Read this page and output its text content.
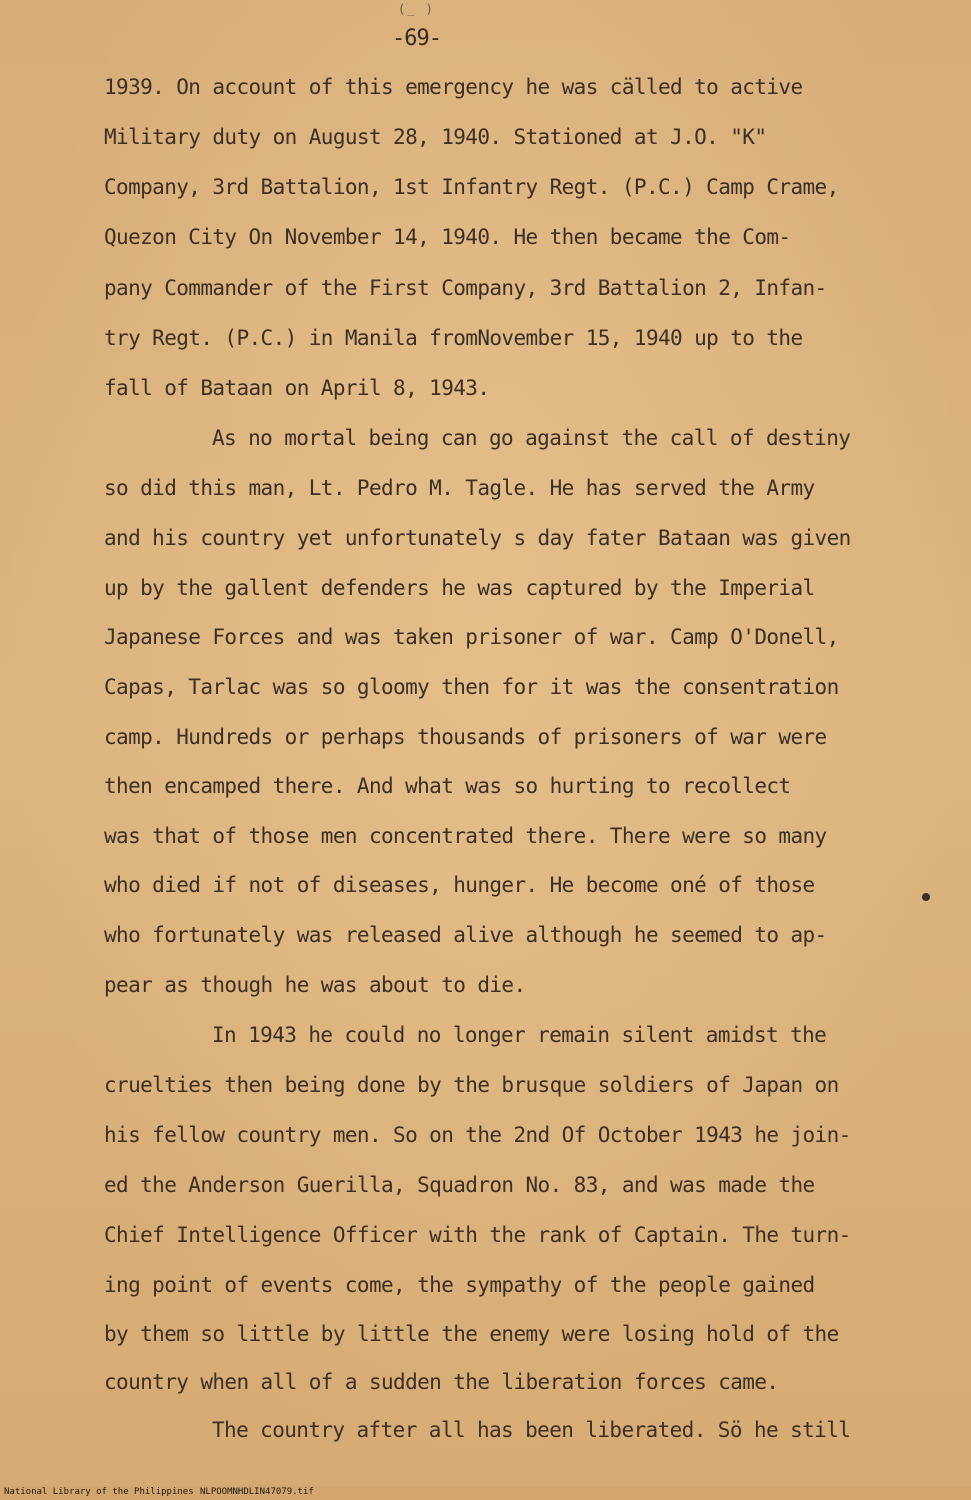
(_ )
-69-
1939. On account of this emergency he was cälled to active
Military duty on August 28, 1940. Stationed at J.O. "K"
Company, 3rd Battalion, 1st Infantry Regt. (P.C.) Camp Crame,
Quezon City On November 14, 1940. He then became the Com-
pany Commander of the First Company, 3rd Battalion 2, Infan-
try Regt. (P.C.) in Manila fromNovember 15, 1940 up to the
fall of Bataan on April 8, 1943.
As no mortal being can go against the call of destiny
so did this man, Lt. Pedro M. Tagle. He has served the Army
and his country yet unfortunately s day fater Bataan was given
up by the gallent defenders he was captured by the Imperial
Japanese Forces and was taken prisoner of war. Camp O'Donell,
Capas, Tarlac was so gloomy then for it was the consentration
camp. Hundreds or perhaps thousands of prisoners of war were
then encamped there. And what was so hurting to recollect
was that of those men concentrated there. There were so many
who died if not of diseases, hunger. He become oné of those
who fortunately was released alive although he seemed to ap-
pear as though he was about to die.
In 1943 he could no longer remain silent amidst the
cruelties then being done by the brusque soldiers of Japan on
his fellow country men. So on the 2nd Of October 1943 he join-
ed the Anderson Guerilla, Squadron No. 83, and was made the
Chief Intelligence Officer with the rank of Captain. The turn-
ing point of events come, the sympathy of the people gained
by them so little by little the enemy were losing hold of the
country when all of a sudden the liberation forces came.
The country after all has been liberated. Sö he still
National Library of the Philippines NLPOOMNHDLIN47079.tif
